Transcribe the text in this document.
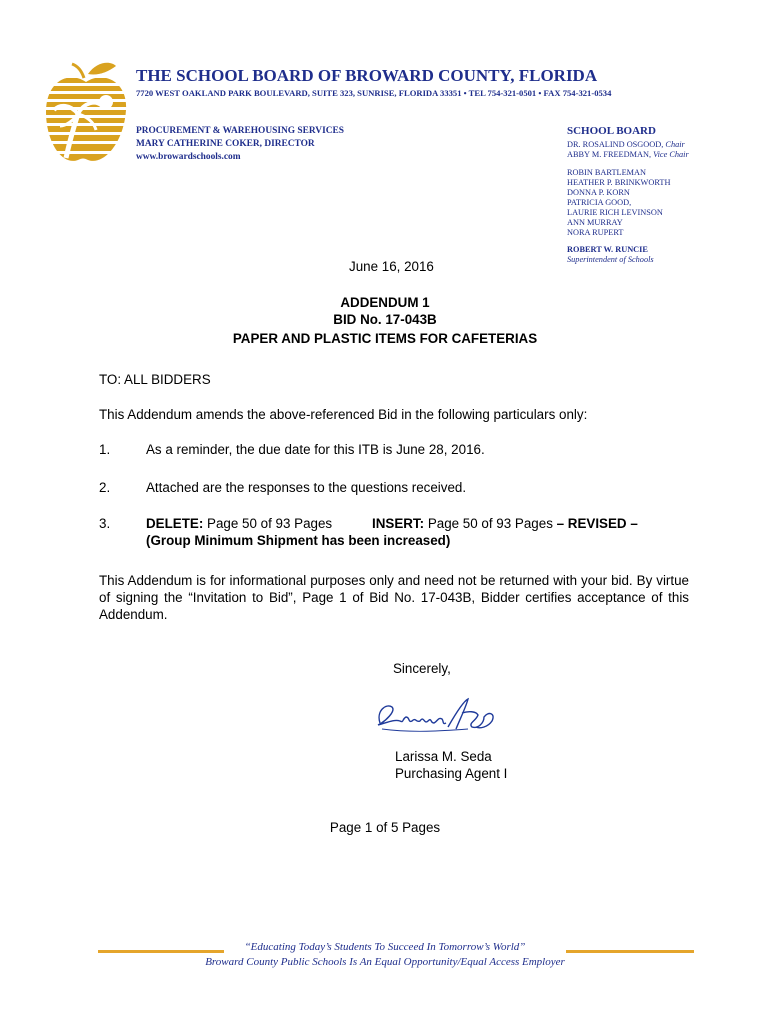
THE SCHOOL BOARD OF BROWARD COUNTY, FLORIDA
7720 WEST OAKLAND PARK BOULEVARD, SUITE 323, SUNRISE, FLORIDA 33351 • TEL 754-321-0501 • FAX 754-321-0534
PROCUREMENT & WAREHOUSING SERVICES
MARY CATHERINE COKER, DIRECTOR
www.browardschools.com
SCHOOL BOARD
DR. ROSALIND OSGOOD, Chair
ABBY M. FREEDMAN, Vice Chair
ROBIN BARTLEMAN
HEATHER P. BRINKWORTH
DONNA P. KORN
PATRICIA GOOD,
LAURIE RICH LEVINSON
ANN MURRAY
NORA RUPERT
ROBERT W. RUNCIE
Superintendent of Schools
June 16, 2016
ADDENDUM 1
BID No. 17-043B
PAPER AND PLASTIC ITEMS FOR CAFETERIAS
TO: ALL BIDDERS
This Addendum amends the above-referenced Bid in the following particulars only:
1.	As a reminder, the due date for this ITB is June 28, 2016.
2.	Attached are the responses to the questions received.
3.	DELETE: Page 50 of 93 Pages	INSERT: Page 50 of 93 Pages – REVISED –
(Group Minimum Shipment has been increased)
This Addendum is for informational purposes only and need not be returned with your bid. By virtue of signing the “Invitation to Bid”, Page 1 of Bid No. 17-043B, Bidder certifies acceptance of this Addendum.
Sincerely,
Larissa M. Seda
Purchasing Agent I
Page 1 of 5 Pages
“Educating Today’s Students To Succeed In Tomorrow’s World”
Broward County Public Schools Is An Equal Opportunity/Equal Access Employer
